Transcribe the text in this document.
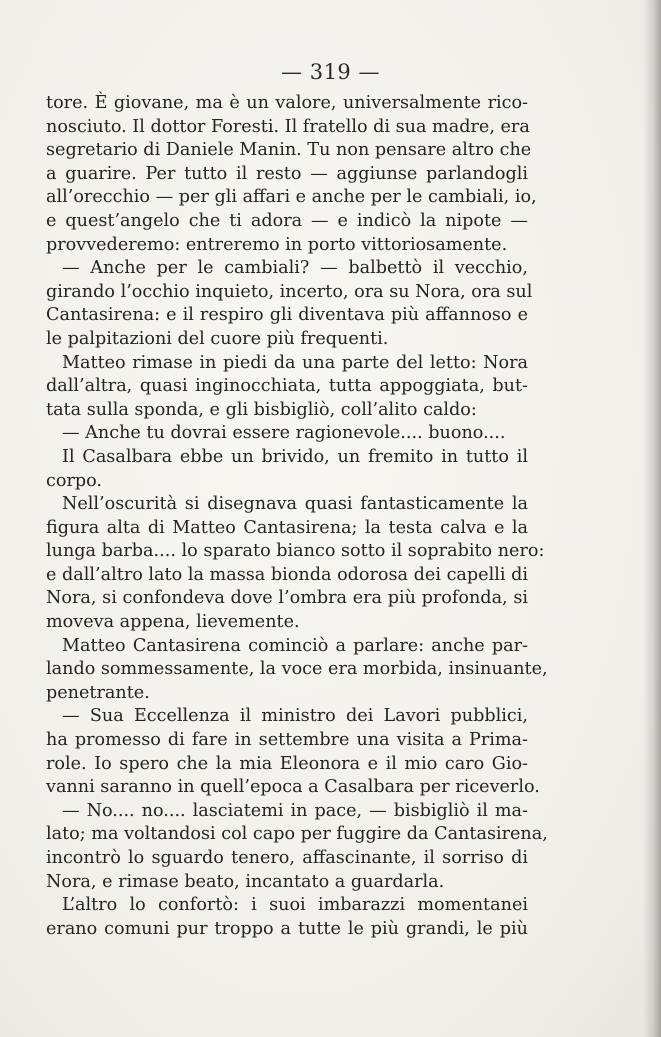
— 319 —
tore. È giovane, ma è un valore, universalmente rico-
nosciuto. Il dottor Foresti. Il fratello di sua madre, era
segretario di Daniele Manin. Tu non pensare altro che
a guarire. Per tutto il resto — aggiunse parlandogli
all’orecchio — per gli affari e anche per le cambiali, io,
e quest’angelo che ti adora — e indicò la nipote —
provvederemo: entreremo in porto vittoriosamente.
— Anche per le cambiali? — balbettò il vecchio,
girando l’occhio inquieto, incerto, ora su Nora, ora sul
Cantasirena: e il respiro gli diventava più affannoso e
le palpitazioni del cuore più frequenti.
Matteo rimase in piedi da una parte del letto: Nora
dall’altra, quasi inginocchiata, tutta appoggiata, but-
tata sulla sponda, e gli bisbigliò, coll’alito caldo:
— Anche tu dovrai essere ragionevole.... buono....
Il Casalbara ebbe un brivido, un fremito in tutto il
corpo.
Nell’oscurità si disegnava quasi fantasticamente la
figura alta di Matteo Cantasirena; la testa calva e la
lunga barba.... lo sparato bianco sotto il soprabito nero:
e dall’altro lato la massa bionda odorosa dei capelli di
Nora, si confondeva dove l’ombra era più profonda, si
moveva appena, lievemente.
Matteo Cantasirena cominciò a parlare: anche par-
lando sommessamente, la voce era morbida, insinuante,
penetrante.
— Sua Eccellenza il ministro dei Lavori pubblici,
ha promesso di fare in settembre una visita a Prima-
role. Io spero che la mia Eleonora e il mio caro Gio-
vanni saranno in quell’epoca a Casalbara per riceverlo.
— No.... no.... lasciatemi in pace, — bisbigliò il ma-
lato; ma voltandosi col capo per fuggire da Cantasirena,
incontrò lo sguardo tenero, affascinante, il sorriso di
Nora, e rimase beato, incantato a guardarla.
L’altro lo confortò: i suoi imbarazzi momentanei
erano comuni pur troppo a tutte le più grandi, le più
